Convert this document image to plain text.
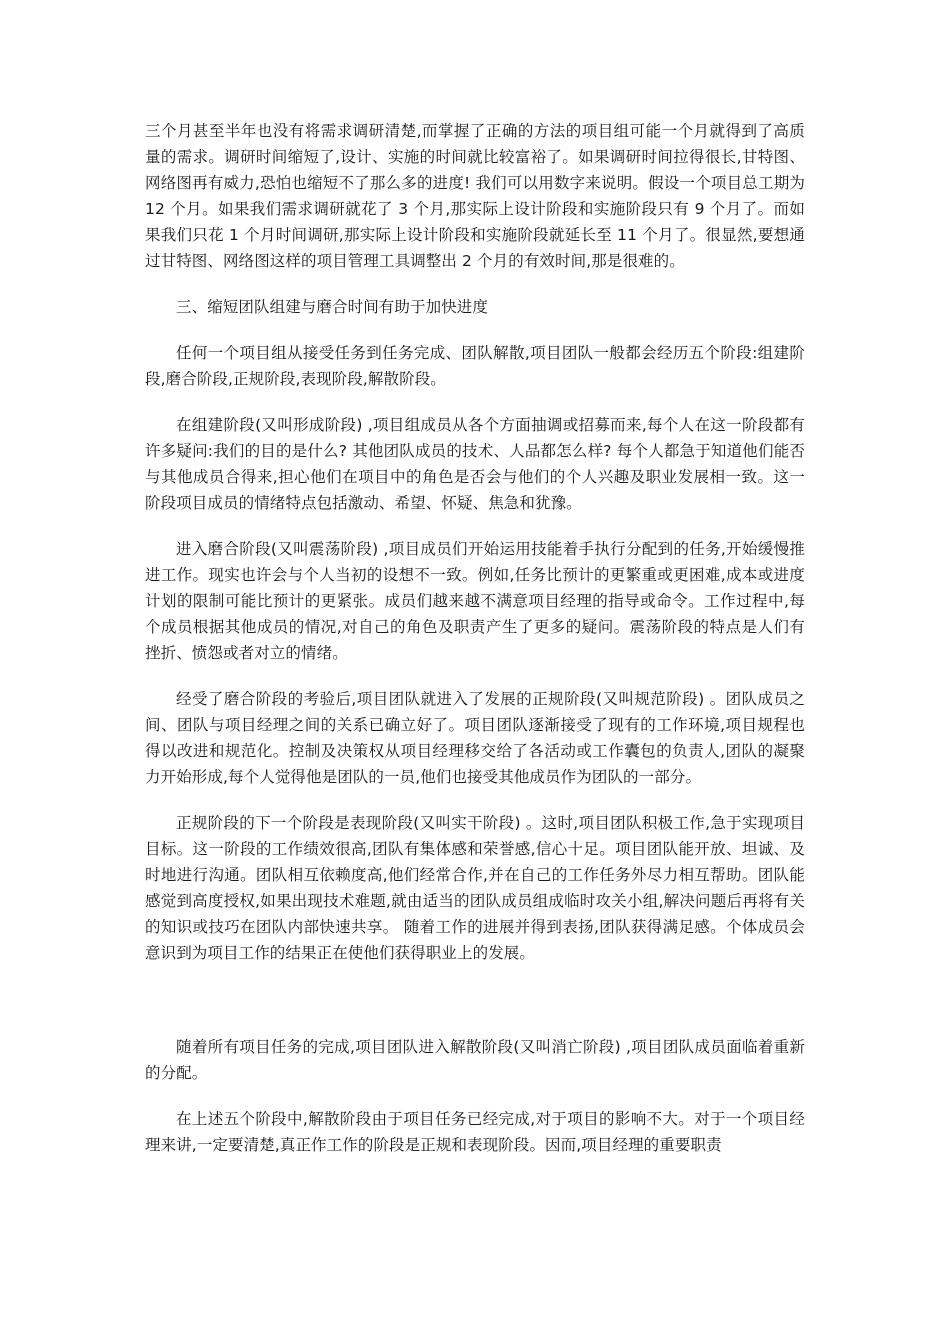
三个月甚至半年也没有将需求调研清楚,而掌握了正确的方法的项目组可能一个月就得到了高质量的需求。调研时间缩短了,设计、实施的时间就比较富裕了。如果调研时间拉得很长,甘特图、网络图再有威力,恐怕也缩短不了那么多的进度! 我们可以用数字来说明。假设一个项目总工期为 12 个月。如果我们需求调研就花了 3 个月,那实际上设计阶段和实施阶段只有 9 个月了。而如果我们只花 1 个月时间调研,那实际上设计阶段和实施阶段就延长至 11 个月了。很显然,要想通过甘特图、网络图这样的项目管理工具调整出 2 个月的有效时间,那是很难的。

三、缩短团队组建与磨合时间有助于加快进度

任何一个项目组从接受任务到任务完成、团队解散,项目团队一般都会经历五个阶段:组建阶段,磨合阶段,正规阶段,表现阶段,解散阶段。

在组建阶段(又叫形成阶段) ,项目组成员从各个方面抽调或招募而来,每个人在这一阶段都有许多疑问:我们的目的是什么? 其他团队成员的技术、人品都怎么样? 每个人都急于知道他们能否与其他成员合得来,担心他们在项目中的角色是否会与他们的个人兴趣及职业发展相一致。这一阶段项目成员的情绪特点包括激动、希望、怀疑、焦急和犹豫。

进入磨合阶段(又叫震荡阶段) ,项目成员们开始运用技能着手执行分配到的任务,开始缓慢推进工作。现实也许会与个人当初的设想不一致。例如,任务比预计的更繁重或更困难,成本或进度计划的限制可能比预计的更紧张。成员们越来越不满意项目经理的指导或命令。工作过程中,每个成员根据其他成员的情况,对自己的角色及职责产生了更多的疑问。震荡阶段的特点是人们有挫折、愤怨或者对立的情绪。

经受了磨合阶段的考验后,项目团队就进入了发展的正规阶段(又叫规范阶段) 。团队成员之间、团队与项目经理之间的关系已确立好了。项目团队逐渐接受了现有的工作环境,项目规程也得以改进和规范化。控制及决策权从项目经理移交给了各活动或工作囊包的负责人,团队的凝聚力开始形成,每个人觉得他是团队的一员,他们也接受其他成员作为团队的一部分。

正规阶段的下一个阶段是表现阶段(又叫实干阶段) 。这时,项目团队积极工作,急于实现项目目标。这一阶段的工作绩效很高,团队有集体感和荣誉感,信心十足。项目团队能开放、坦诚、及时地进行沟通。团队相互依赖度高,他们经常合作,并在自己的工作任务外尽力相互帮助。团队能感觉到高度授权,如果出现技术难题,就由适当的团队成员组成临时攻关小组,解决问题后再将有关的知识或技巧在团队内部快速共享。 随着工作的进展并得到表扬,团队获得满足感。个体成员会意识到为项目工作的结果正在使他们获得职业上的发展。

随着所有项目任务的完成,项目团队进入解散阶段(又叫消亡阶段) ,项目团队成员面临着重新的分配。

在上述五个阶段中,解散阶段由于项目任务已经完成,对于项目的影响不大。对于一个项目经理来讲,一定要清楚,真正作工作的阶段是正规和表现阶段。因而,项目经理的重要职责
